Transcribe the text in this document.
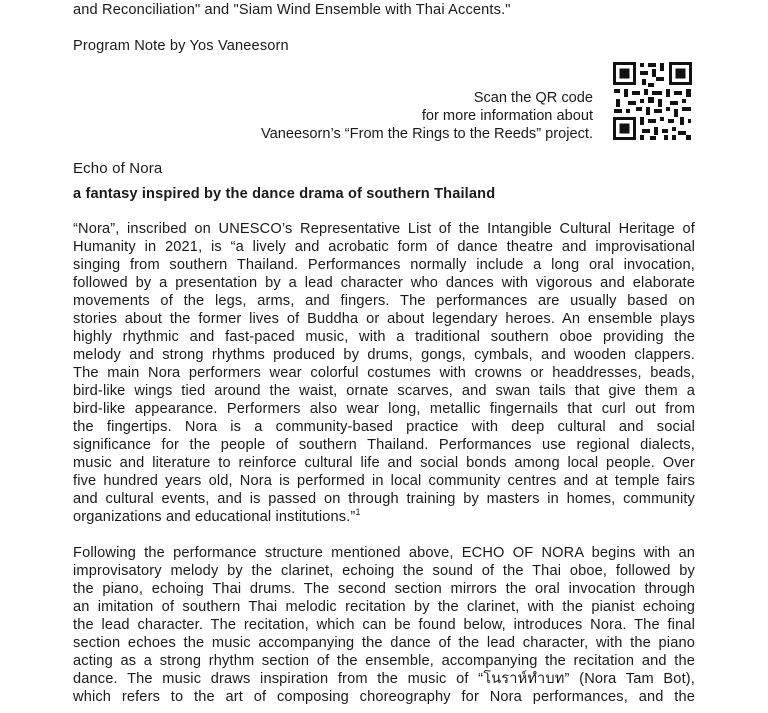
and Reconciliation" and "Siam Wind Ensemble with Thai Accents."
Program Note by Yos Vaneesorn
Scan the QR code
for more information about
Vaneesorn’s “From the Rings to the Reeds” project.
Echo of Nora
a fantasy inspired by the dance drama of southern Thailand
“Nora”, inscribed on UNESCO’s Representative List of the Intangible Cultural Heritage of
Humanity in 2021, is “a lively and acrobatic form of dance theatre and improvisational
singing from southern Thailand. Performances normally include a long oral invocation,
followed by a presentation by a lead character who dances with vigorous and elaborate
movements of the legs, arms, and fingers. The performances are usually based on
stories about the former lives of Buddha or about legendary heroes. An ensemble plays
highly rhythmic and fast-paced music, with a traditional southern oboe providing the
melody and strong rhythms produced by drums, gongs, cymbals, and wooden clappers.
The main Nora performers wear colorful costumes with crowns or headdresses, beads,
bird-like wings tied around the waist, ornate scarves, and swan tails that give them a
bird-like appearance. Performers also wear long, metallic fingernails that curl out from
the fingertips. Nora is a community-based practice with deep cultural and social
significance for the people of southern Thailand. Performances use regional dialects,
music and literature to reinforce cultural life and social bonds among local people. Over
five hundred years old, Nora is performed in local community centres and at temple fairs
and cultural events, and is passed on through training by masters in homes, community
organizations and educational institutions.”$^1$
Following the performance structure mentioned above, ECHO OF NORA begins with an
improvisatory melody by the clarinet, echoing the sound of the Thai oboe, followed by
the piano, echoing Thai drums. The second section mirrors the oral invocation through
an imitation of southern Thai melodic recitation by the clarinet, with the pianist echoing
the lead character. The recitation, which can be found below, introduces Nora. The final
section echoes the music accompanying the dance of the lead character, with the piano
acting as a strong rhythm section of the ensemble, accompanying the recitation and the
dance. The music draws inspiration from the music of “โนราห์ทำบท” (Nora Tam Bot),
which refers to the art of composing choreography for Nora performances, and the
